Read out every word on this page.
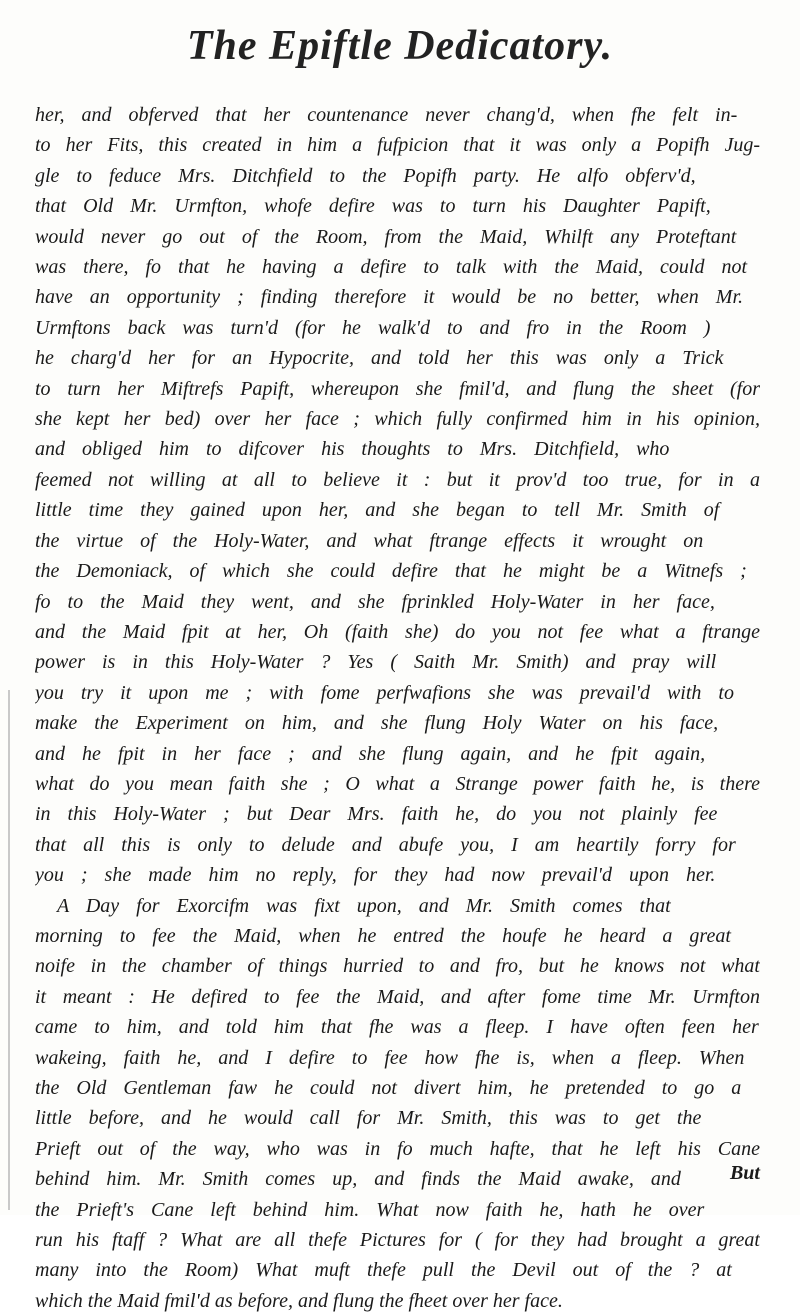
The Epiftle Dedicatory.
her, and obferved that her countenance never chang'd, when fhe felt in-
to her Fits, this created in him a fufpicion that it was only a Popifh Jug-
gle to feduce Mrs. Ditchfield to the Popifh party. He alfo obferv'd,
that Old Mr. Urmfton, whofe defire was to turn his Daughter Papift,
would never go out of the Room, from the Maid, Whilft any Proteftant
was there, fo that he having a defire to talk with the Maid, could not
have an opportunity ; finding therefore it would be no better, when Mr.
Urmftons back was turn'd (for he walk'd to and fro in the Room )
he charg'd her for an Hypocrite, and told her this was only a Trick
to turn her Miftrefs Papift, whereupon she fmil'd, and flung the sheet (for
she kept her bed) over her face ; which fully confirmed him in his opinion,
and obliged him to difcover his thoughts to Mrs. Ditchfield, who
feemed not willing at all to believe it : but it prov'd too true, for in a
little time they gained upon her, and she began to tell Mr. Smith of
the virtue of the Holy-Water, and what ftrange effects it wrought on
the Demoniack, of which she could defire that he might be a Witnefs ;
fo to the Maid they went, and she fprinkled Holy-Water in her face,
and the Maid fpit at her, Oh (faith she) do you not fee what a ftrange
power is in this Holy-Water ? Yes ( Saith Mr. Smith) and pray will
you try it upon me ; with fome perfwafions she was prevail'd with to
make the Experiment on him, and she flung Holy Water on his face,
and he fpit in her face ; and she flung again, and he fpit again,
what do you mean faith she ; O what a Strange power faith he, is there
in this Holy-Water ; but Dear Mrs. faith he, do you not plainly fee
that all this is only to delude and abufe you, I am heartily forry for
you ; she made him no reply, for they had now prevail'd upon her.
A Day for Exorcifm was fixt upon, and Mr. Smith comes that
morning to fee the Maid, when he entred the houfe he heard a great
noife in the chamber of things hurried to and fro, but he knows not what
it meant : He defired to fee the Maid, and after fome time Mr. Urmfton
came to him, and told him that fhe was a fleep. I have often feen her
wakeing, faith he, and I defire to fee how fhe is, when a fleep. When
the Old Gentleman faw he could not divert him, he pretended to go a
little before, and he would call for Mr. Smith, this was to get the
Prieft out of the way, who was in fo much hafte, that he left his Cane
behind him. Mr. Smith comes up, and finds the Maid awake, and
the Prieft's Cane left behind him. What now faith he, hath he over
run his ftaff ? What are all thefe Pictures for ( for they had brought a great
many into the Room) What muft thefe pull the Devil out of the ? at
which the Maid fmil'd as before, and flung the fheet over her face.
But
